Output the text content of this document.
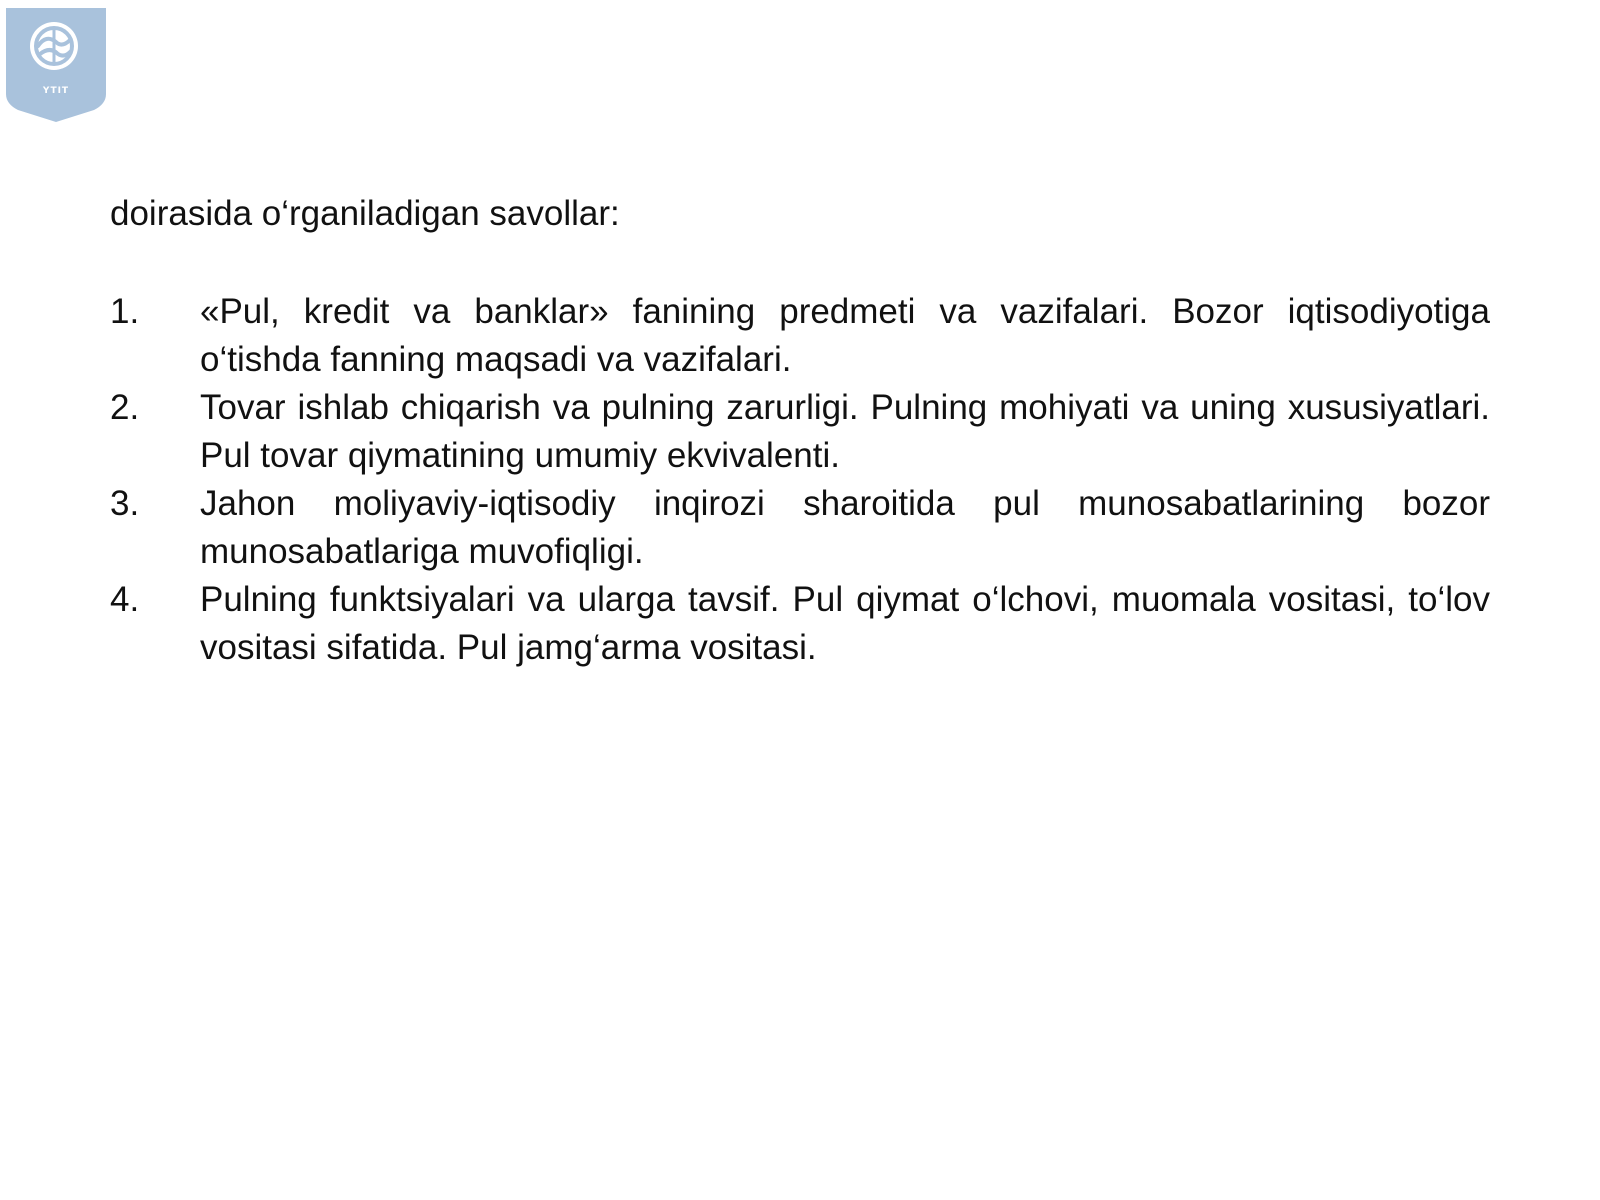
YTIT

doirasida o‘rganiladigan savollar:

1. «Pul, kredit va banklar» fanining predmeti va vazifalari. Bozor iqtisodiyotiga o‘tishda fanning maqsadi va vazifalari.
2. Tovar ishlab chiqarish va pulning zarurligi. Pulning mohiyati va uning xususiyatlari. Pul tovar qiymatining umumiy ekvivalenti.
3. Jahon moliyaviy-iqtisodiy inqirozi sharoitida pul munosabatlarining bozor munosabatlariga muvofiqligi.
4. Pulning funktsiyalari va ularga tavsif. Pul qiymat o‘lchovi, muomala vositasi, to‘lov vositasi sifatida. Pul jamg‘arma vositasi.
